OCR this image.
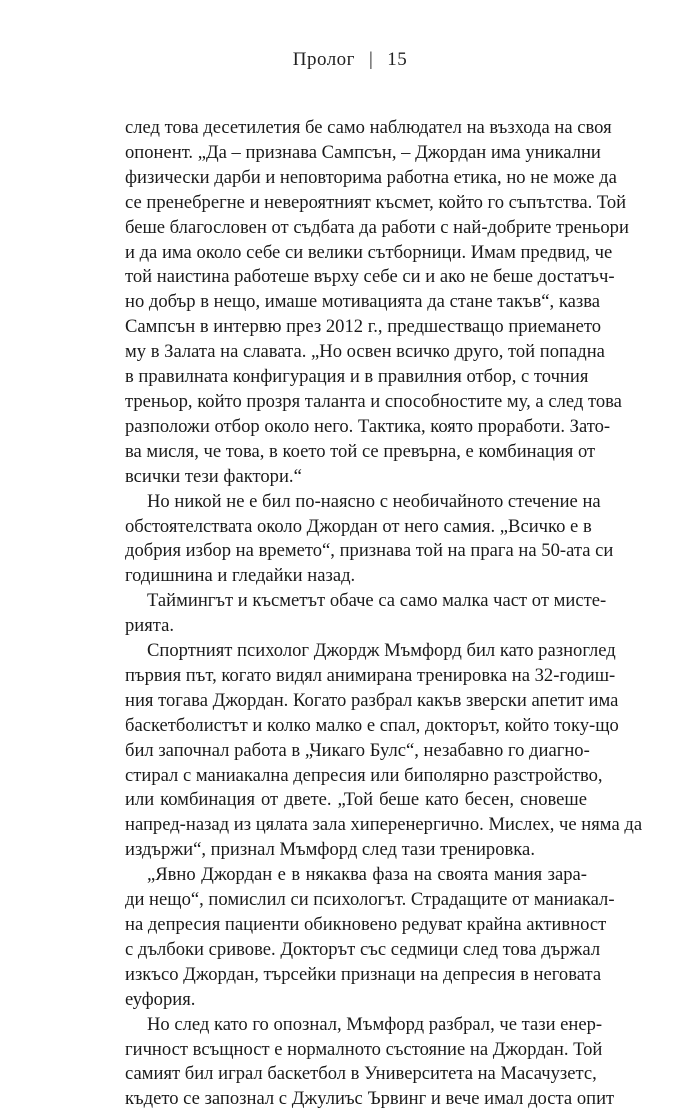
Пролог | 15
след това десетилетия бе само наблюдател на възхода на своя
опонент. „Да – признава Сампсън, – Джордан има уникални
физически дарби и неповторима работна етика, но не може да
се пренебрегне и невероятният късмет, който го съпътства. Той
беше благословен от съдбата да работи с най-добрите треньори
и да има около себе си велики сътборници. Имам предвид, че
той наистина работеше върху себе си и ако не беше достатъч-
но добър в нещо, имаше мотивацията да стане такъв“, казва
Сампсън в интервю през 2012 г., предшестващо приемането
му в Залата на славата. „Но освен всичко друго, той попадна
в правилната конфигурация и в правилния отбор, с точния
треньор, който прозря таланта и способностите му, а след това
разположи отбор около него. Тактика, която проработи. Зато-
ва мисля, че това, в което той се превърна, е комбинация от
всички тези фактори.“
Но никой не е бил по-наясно с необичайното стечение на
обстоятелствата около Джордан от него самия. „Всичко е в
добрия избор на времето“, признава той на прага на 50-ата си
годишнина и гледайки назад.
Таймингът и късметът обаче са само малка част от мисте-
рията.
Спортният психолог Джордж Мъмфорд бил като разноглед
първия път, когато видял анимирана тренировка на 32-годиш-
ния тогава Джордан. Когато разбрал какъв зверски апетит има
баскетболистът и колко малко е спал, докторът, който току-що
бил започнал работа в „Чикаго Булс“, незабавно го диагно-
стирал с маниакална депресия или биполярно разстройство,
или комбинация от двете. „Той беше като бесен, сновеше
напред-назад из цялата зала хиперенергично. Мислех, че няма да
издържи“, признал Мъмфорд след тази тренировка.
„Явно Джордан е в някаква фаза на своята мания зара-
ди нещо“, помислил си психологът. Страдащите от маниакал-
на депресия пациенти обикновено редуват крайна активност
с дълбоки сривове. Докторът със седмици след това държал
изкъсо Джордан, търсейки признаци на депресия в неговата
еуфория.
Но след като го опознал, Мъмфорд разбрал, че тази енер-
гичност всъщност е нормалното състояние на Джордан. Той
самият бил играл баскетбол в Университета на Масачузетс,
където се запознал с Джулиъс Ървинг и вече имал доста опит
